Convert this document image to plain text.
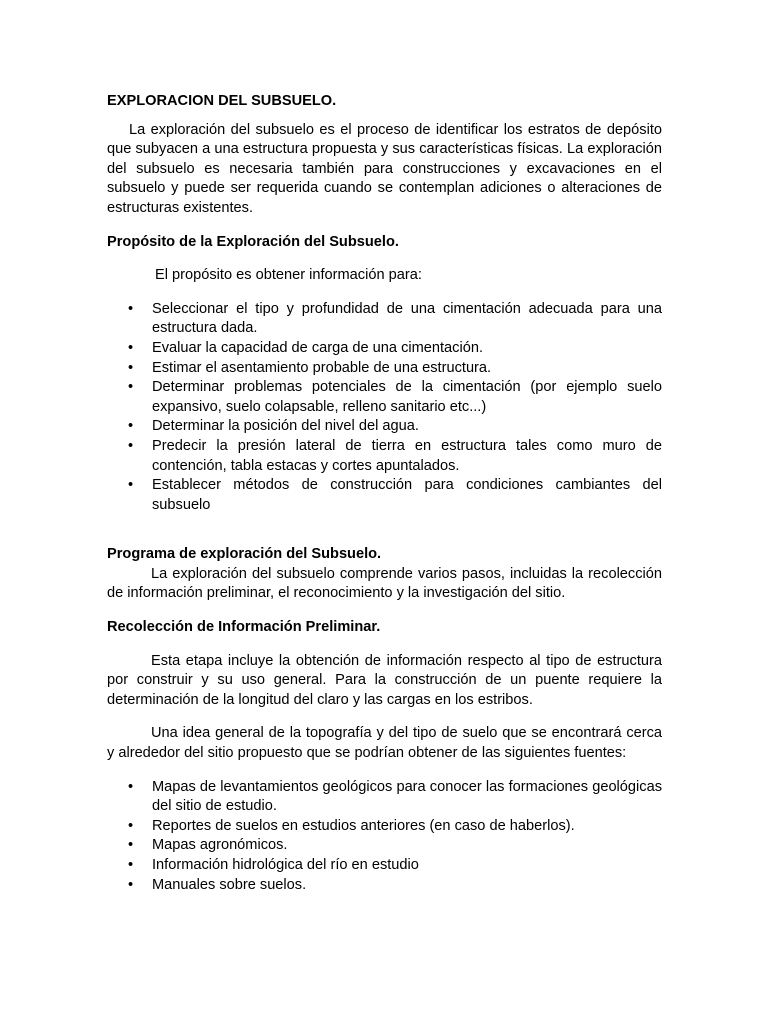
EXPLORACION DEL SUBSUELO.

La exploración del subsuelo es el proceso de identificar los estratos de depósito que subyacen a una estructura propuesta y sus características físicas. La exploración del subsuelo es necesaria también para construcciones y excavaciones en el subsuelo y puede ser requerida cuando se contemplan adiciones o alteraciones de estructuras existentes.

Propósito de la Exploración del Subsuelo.

El propósito es obtener información para:

• Seleccionar el tipo y profundidad de una cimentación adecuada para una estructura dada.
• Evaluar la capacidad de carga de una cimentación.
• Estimar el asentamiento probable de una estructura.
• Determinar problemas potenciales de la cimentación (por ejemplo suelo expansivo, suelo colapsable, relleno sanitario etc...)
• Determinar la posición del nivel del agua.
• Predecir la presión lateral de tierra en estructura tales como muro de contención, tabla estacas y cortes apuntalados.
• Establecer métodos de construcción para condiciones cambiantes del subsuelo

Programa de exploración del Subsuelo.

La exploración del subsuelo comprende varios pasos, incluidas la recolección de información preliminar, el reconocimiento y la investigación del sitio.

Recolección de Información Preliminar.

Esta etapa incluye la obtención de información respecto al tipo de estructura por construir y su uso general. Para la construcción de un puente requiere la determinación de la longitud del claro y las cargas en los estribos.

Una idea general de la topografía y del tipo de suelo que se encontrará cerca y alrededor del sitio propuesto que se podrían obtener de las siguientes fuentes:

• Mapas de levantamientos geológicos para conocer las formaciones geológicas del sitio de estudio.
• Reportes de suelos en estudios anteriores (en caso de haberlos).
• Mapas agronómicos.
• Información hidrológica del río en estudio
• Manuales sobre suelos.
